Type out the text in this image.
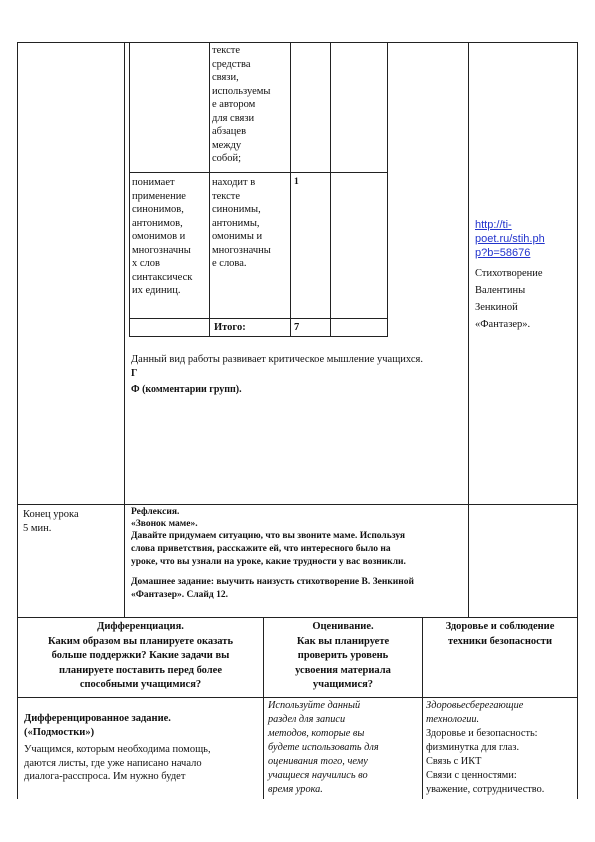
тексте
средства
связи,
используемы
е автором
для связи
абзацев
между
собой;
понимает
применение
синонимов,
антонимов,
омонимов и
многозначны
х слов
синтаксическ
их единиц.
находит в
тексте
синонимы,
антонимы,
омонимы и
многозначны
е слова.
1
Итого:	7
Данный вид работы развивает критическое мышление учащихся.
Г
Ф (комментарии групп).
http://ti-
poet.ru/stih.ph
p?b=58676
Стихотворение
Валентины
Зенкиной
«Фантазер».
Конец урока
5 мин.
Рефлексия.
«Звонок маме».
Давайте придумаем ситуацию, что вы звоните маме. Используя
слова приветствия, расскажите ей, что интересного было на
уроке, что вы узнали на уроке, какие трудности у вас возникли.
Домашнее задание: выучить наизусть стихотворение В. Зенкиной
«Фантазер». Слайд 12.
Дифференциация.
Каким образом вы планируете оказать
больше поддержки? Какие задачи вы
планируете поставить перед более
способными учащимися?
Оценивание.
Как вы планируете
проверить уровень
усвоения материала
учащимися?
Здоровье и соблюдение
техники безопасности
Дифференцированное задание.
(«Подмостки»)
Учащимся, которым необходима помощь,
даются листы, где уже написано начало
диалога-расспроса. Им нужно будет
Используйте данный
раздел для записи
методов, которые вы
будете использовать для
оценивания того, чему
учащиеся научились во
время урока.
Здоровьесберегающие
технологии.
Здоровье и безопасность:
физминутка для глаз.
Связь с ИКТ
Связи с ценностями:
уважение, сотрудничество.
